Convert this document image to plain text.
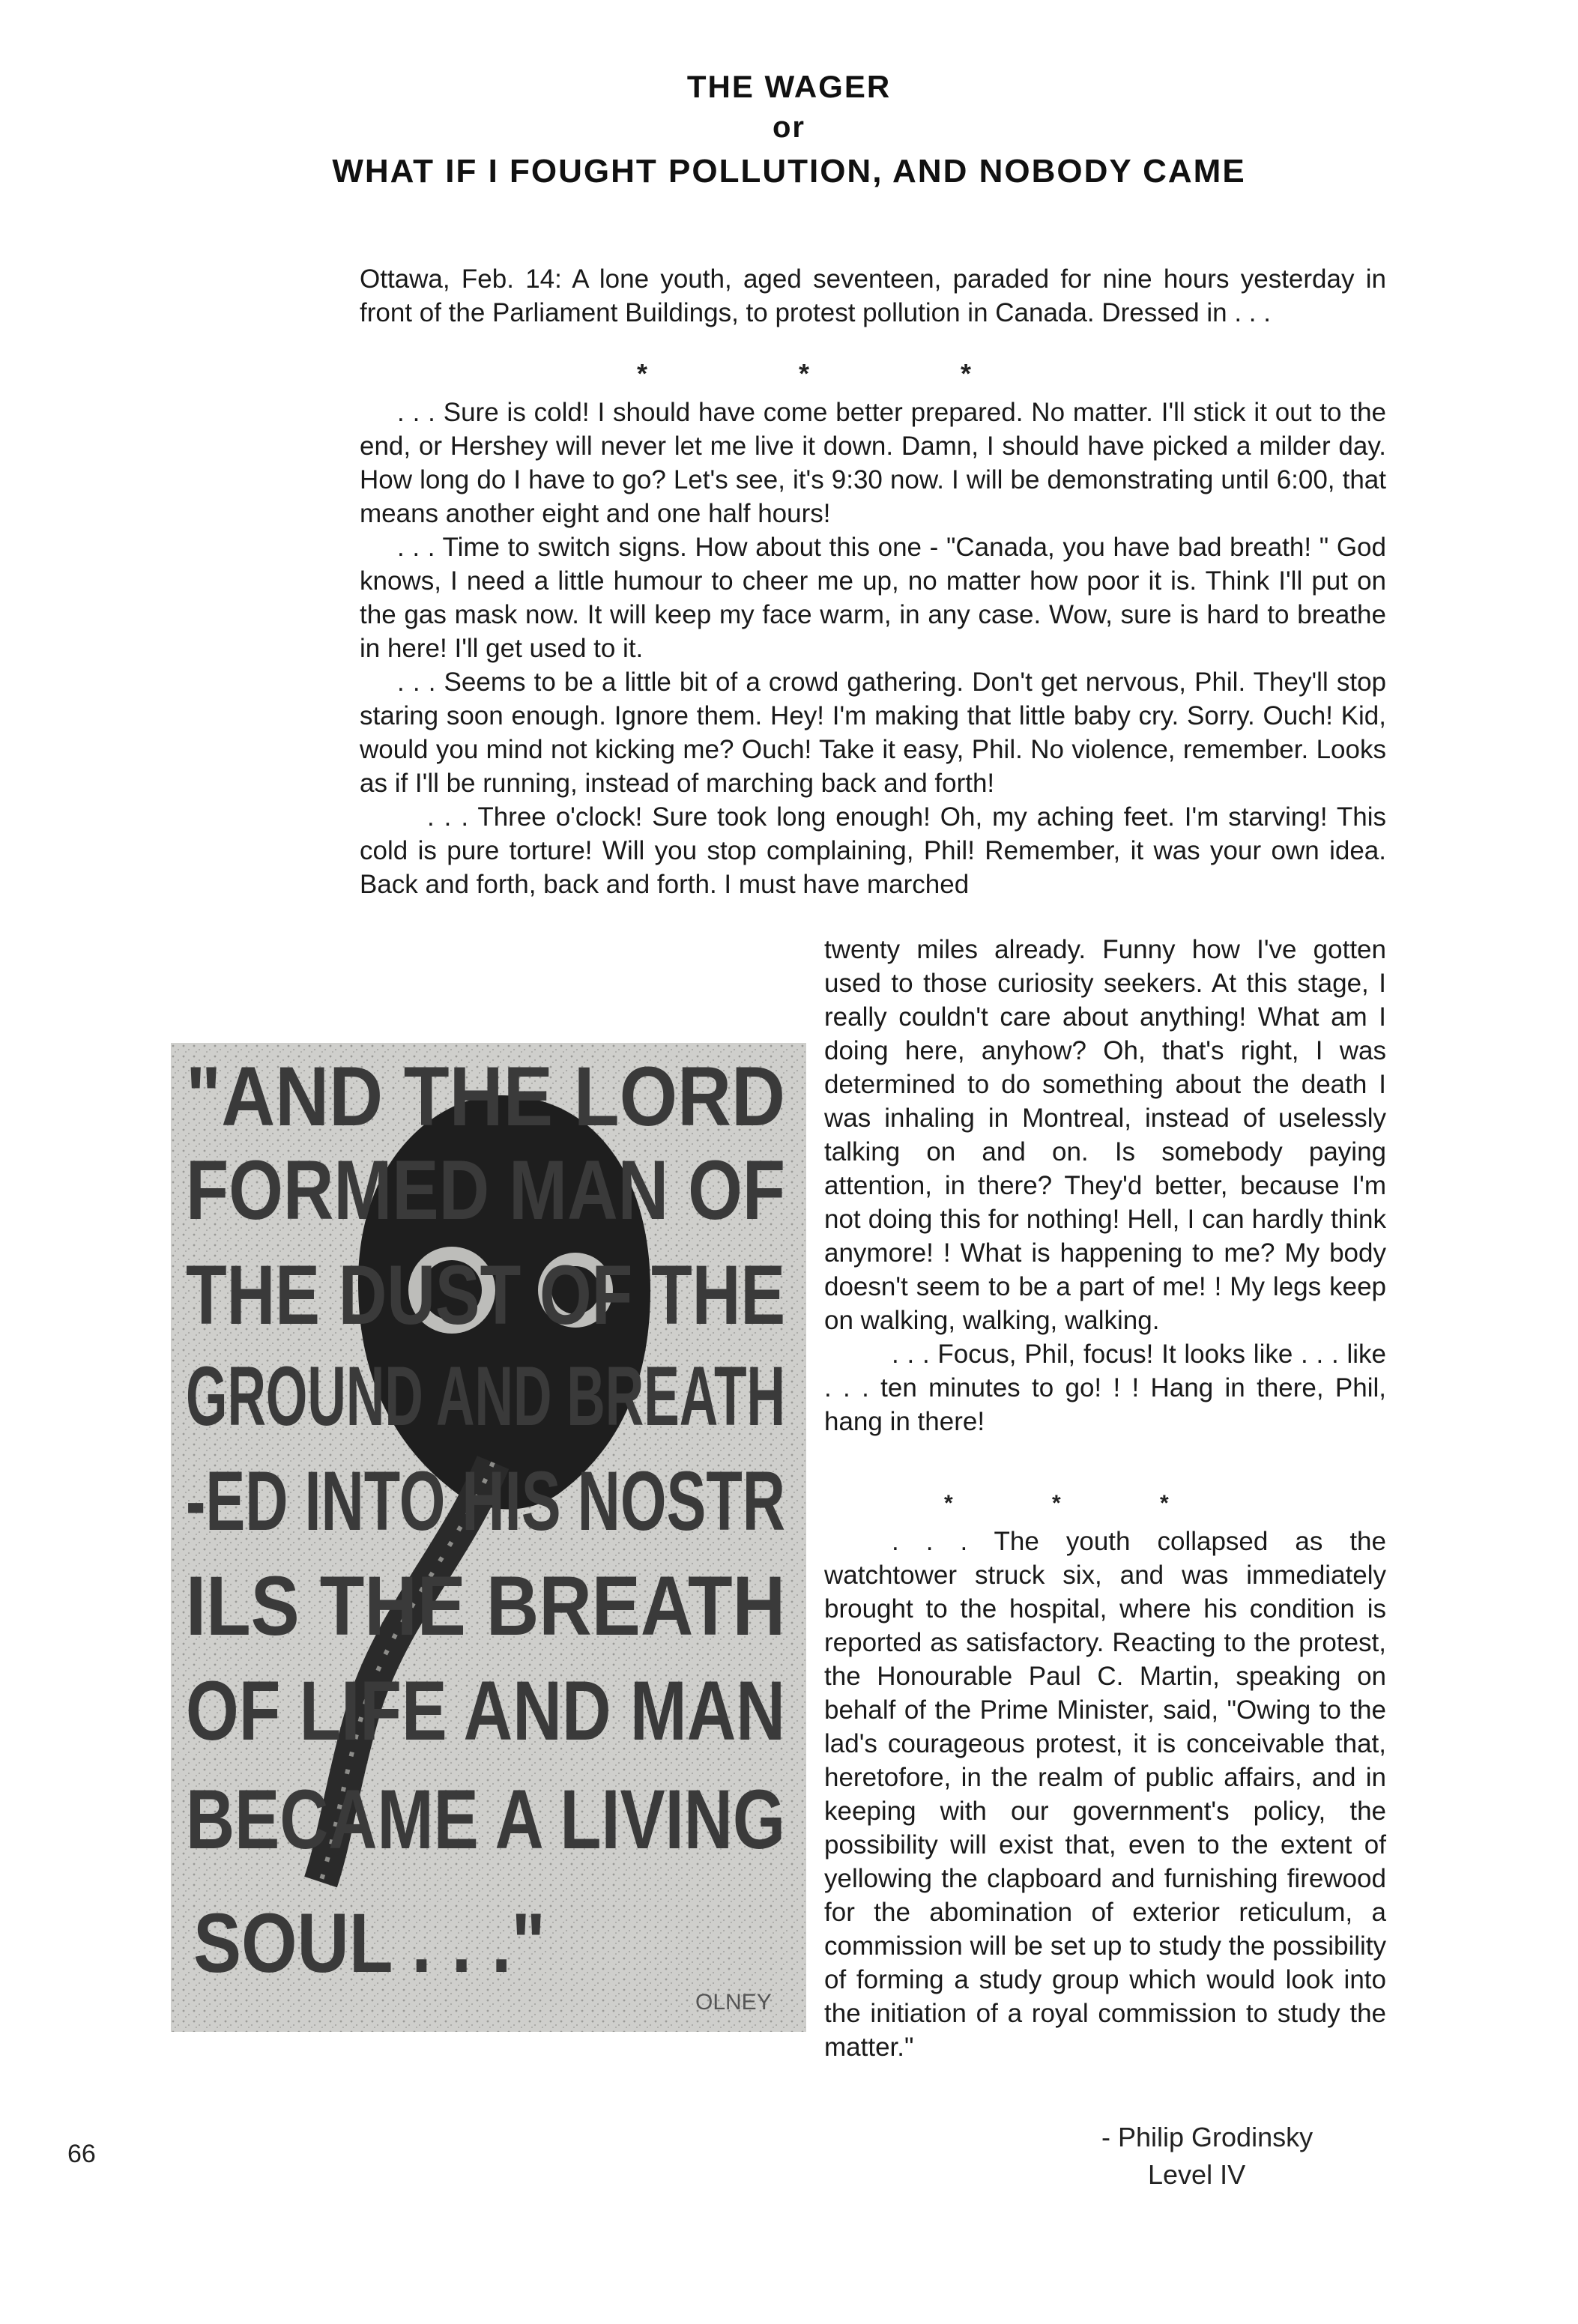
THE WAGER
or
WHAT IF I FOUGHT POLLUTION, AND NOBODY CAME

Ottawa, Feb. 14: A lone youth, aged seventeen, paraded for nine hours yesterday in front of the Parliament Buildings, to protest pollution in Canada. Dressed in . . .

* * *

. . . Sure is cold! I should have come better prepared. No matter. I'll stick it out to the end, or Hershey will never let me live it down. Damn, I should have picked a milder day. How long do I have to go? Let's see, it's 9:30 now. I will be demonstrating until 6:00, that means another eight and one half hours!

. . . Time to switch signs. How about this one - "Canada, you have bad breath! " God knows, I need a little humour to cheer me up, no matter how poor it is. Think I'll put on the gas mask now. It will keep my face warm, in any case. Wow, sure is hard to breathe in here! I'll get used to it.

. . . Seems to be a little bit of a crowd gathering. Don't get nervous, Phil. They'll stop staring soon enough. Ignore them. Hey! I'm making that little baby cry. Sorry. Ouch! Kid, would you mind not kicking me? Ouch! Take it easy, Phil. No violence, remember. Looks as if I'll be running, instead of marching back and forth!

. . . Three o'clock! Sure took long enough! Oh, my aching feet. I'm starving! This cold is pure torture! Will you stop complaining, Phil! Remember, it was your own idea. Back and forth, back and forth. I must have marched

twenty miles already. Funny how I've gotten used to those curiosity seekers. At this stage, I really couldn't care about anything! What am I doing here, anyhow? Oh, that's right, I was determined to do something about the death I was inhaling in Montreal, instead of uselessly talking on and on. Is somebody paying attention, in there? They'd better, because I'm not doing this for nothing! Hell, I can hardly think anymore! ! What is happening to me? My body doesn't seem to be a part of me! ! My legs keep on walking, walking, walking.

. . . Focus, Phil, focus! It looks like . . . like . . . ten minutes to go! ! ! Hang in there, Phil, hang in there!

* * *

. . . The youth collapsed as the watchtower struck six, and was immediately brought to the hospital, where his condition is reported as satisfactory. Reacting to the protest, the Honourable Paul C. Martin, speaking on behalf of the Prime Minister, said, "Owing to the lad's courageous protest, it is conceivable that, heretofore, in the realm of public affairs, and in keeping with our government's policy, the possibility will exist that, even to the extent of yellowing the clapboard and furnishing firewood for the abomination of exterior reticulum, a commission will be set up to study the possibility of forming a study group which would look into the initiation of a royal commission to study the matter."

- Philip Grodinsky
Level IV
66
"AND THE LORD
FORMED MAN OF
THE DUST OF THE
GROUND AND BREATH
-ED INTO HIS NOSTR
ILS THE BREATH
OF LIFE AND MAN
BECAME A LIVING
SOUL . . ."
OLNEY
